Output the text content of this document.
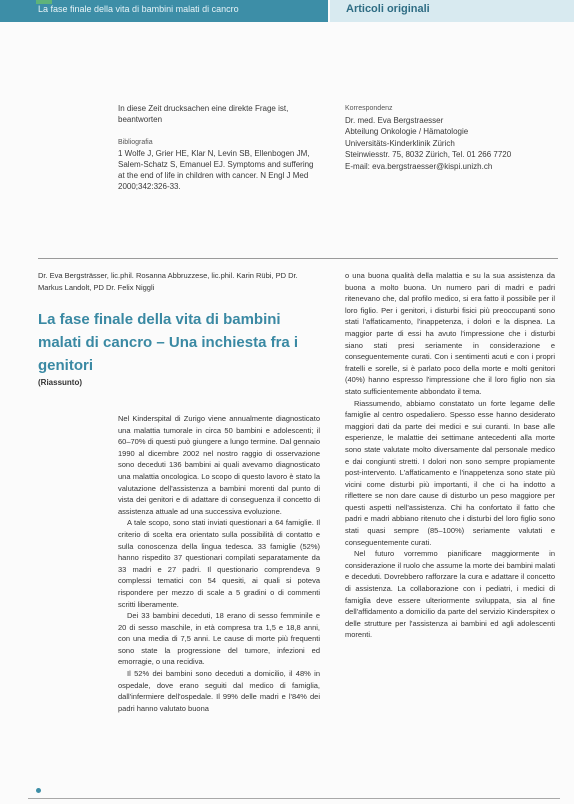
La fase finale della vita di bambini malati di cancro	Articoli originali

In diese Zeit drucksachen eine direkte Frage ist, beantworten

Bibliografia

1 Wolfe J, Grier HE, Klar N, Levin SB, Ellenbogen JM, Salem-Schatz S, Emanuel EJ. Symptoms and suffering at the end of life in children with cancer. N Engl J Med 2000;342:326-33.

Korrespondenz

Dr. med. Eva Bergstraesser

Abteilung Onkologie / Hämatologie

Universitäts-Kinderklinik Zürich

Steinwiesstr. 75, 8032 Zürich, Tel. 01 266 7720

E-mail: eva.bergstraesser@kispi.unizh.ch

Dr. Eva Bergsträsser, lic.phil. Rosanna Abbruzzese, lic.phil. Karin Rübi, PD Dr. Markus Landolt, PD Dr. Felix Niggli
La fase finale della vita di bambini malati di cancro – Una inchiesta fra i genitori
(Riassunto)

Nel Kinderspital di Zurigo viene annualmente diagnosticato una malattia tumorale in circa 50 bambini e adolescenti; il 60–70% di questi può giungere a lungo termine. Dal gennaio 1990 al dicembre 2002 nel nostro raggio di osservazione sono deceduti 136 bambini ai quali avevamo diagnosticato una malattia oncologica. Lo scopo di questo lavoro è stato la valutazione dell'assistenza a bambini morenti dal punto di vista dei genitori e di adattare di conseguenza il concetto di assistenza attuale ad una successiva evoluzione.

A tale scopo, sono stati inviati questionari a 64 famiglie. Il criterio di scelta era orientato sulla possibilità di contatto e sulla conoscenza della lingua tedesca. 33 famiglie (52%) hanno rispedito 37 questionari compilati separatamente da 33 madri e 27 padri. Il questionario comprendeva 9 complessi tematici con 54 quesiti, ai quali si poteva rispondere per mezzo di scale a 5 gradini o di commenti scritti liberamente.

Dei 33 bambini deceduti, 18 erano di sesso femminile e 20 di sesso maschile, in età compresa tra 1,5 e 18,8 anni, con una media di 7,5 anni. Le cause di morte più frequenti sono state la progressione del tumore, infezioni ed emorragie, o una recidiva.

Il 52% dei bambini sono deceduti a domicilio, il 48% in ospedale, dove erano seguiti dal medico di famiglia, dall'infermiere dell'ospedale. Il 99% delle madri e l'84% dei padri hanno valutato buona

o una buona qualità della malattia e su la sua assistenza da buona a molto buona. Un numero pari di madri e padri ritenevano che, dal profilo medico, si era fatto il possibile per il loro figlio. Per i genitori, i disturbi fisici più preoccupanti sono stati l'affaticamento, l'inappetenza, i dolori e la dispnea. La maggior parte di essi ha avuto l'impressione che i disturbi siano stati presi seriamente in considerazione e conseguentemente curati. Con i sentimenti acuti e con i propri fratelli e sorelle, si è parlato poco della morte e molti genitori (40%) hanno espresso l'impressione che il loro figlio non sia stato sufficientemente abbondato il tema.

Riassumendo, abbiamo constatato un forte legame delle famiglie al centro ospedaliero. Spesso esse hanno desiderato maggiori dati da parte dei medici e sui curanti. In base alle esperienze, le malattie dei settimane antecedenti alla morte sono state valutate molto diversamente dal personale medico e dai congiunti stretti. I dolori non sono sempre propiamente post-intervento. L'affaticamento e l'inappetenza sono state più vicini come disturbi più importanti, il che ci ha indotto a riflettere se non dare cause di disturbo un peso maggiore per questi aspetti nell'assistenza. Chi ha confortato il fatto che padri e madri abbiano ritenuto che i disturbi del loro figlio sono stati quasi sempre (85–100%) seriamente valutati e conseguentemente curati.

Nel futuro vorremmo pianificare maggiormente in considerazione il ruolo che assume la morte dei bambini malati e deceduti. Dovrebbero rafforzare la cura e adattare il concetto di assistenza. La collaborazione con i pediatri, i medici di famiglia deve essere ulteriormente sviluppata, sia al fine dell'affidamento a domicilio da parte del servizio Kinderspitex o delle strutture per l'assistenza ai bambini ed agli adolescenti morenti.
